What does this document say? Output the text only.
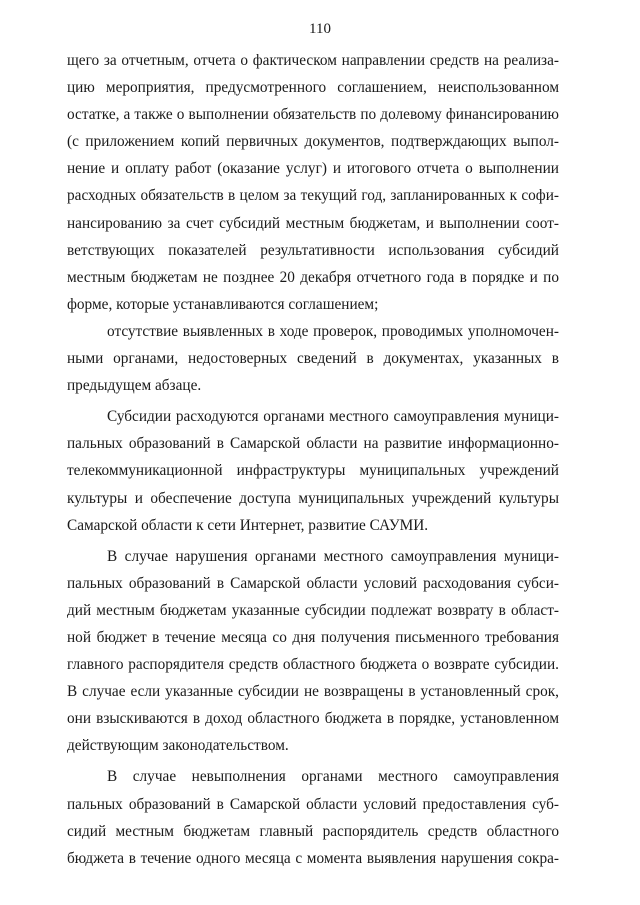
110
щего за отчетным, отчета о фактическом направлении средств на реализа-
цию мероприятия, предусмотренного соглашением, неиспользованном
остатке, а также о выполнении обязательств по долевому финансированию
(с приложением копий первичных документов, подтверждающих выпол-
нение и оплату работ (оказание услуг) и итогового отчета о выполнении
расходных обязательств в целом за текущий год, запланированных к софи-
нансированию за счет субсидий местным бюджетам, и выполнении соот-
ветствующих показателей результативности использования субсидий
местным бюджетам не позднее 20 декабря отчетного года в порядке и по
форме, которые устанавливаются соглашением;
отсутствие выявленных в ходе проверок, проводимых уполномочен-
ными органами, недостоверных сведений в документах, указанных в
предыдущем абзаце.
Субсидии расходуются органами местного самоуправления муници-
пальных образований в Самарской области на развитие информационно-
телекоммуникационной инфраструктуры муниципальных учреждений
культуры и обеспечение доступа муниципальных учреждений культуры
Самарской области к сети Интернет, развитие САУМИ.
В случае нарушения органами местного самоуправления муници-
пальных образований в Самарской области условий расходования субси-
дий местным бюджетам указанные субсидии подлежат возврату в област-
ной бюджет в течение месяца со дня получения письменного требования
главного распорядителя средств областного бюджета о возврате субсидии.
В случае если указанные субсидии не возвращены в установленный срок,
они взыскиваются в доход областного бюджета в порядке, установленном
действующим законодательством.
В случае невыполнения органами местного самоуправления
пальных образований в Самарской области условий предоставления суб-
сидий местным бюджетам главный распорядитель средств областного
бюджета в течение одного месяца с момента выявления нарушения сокра-
